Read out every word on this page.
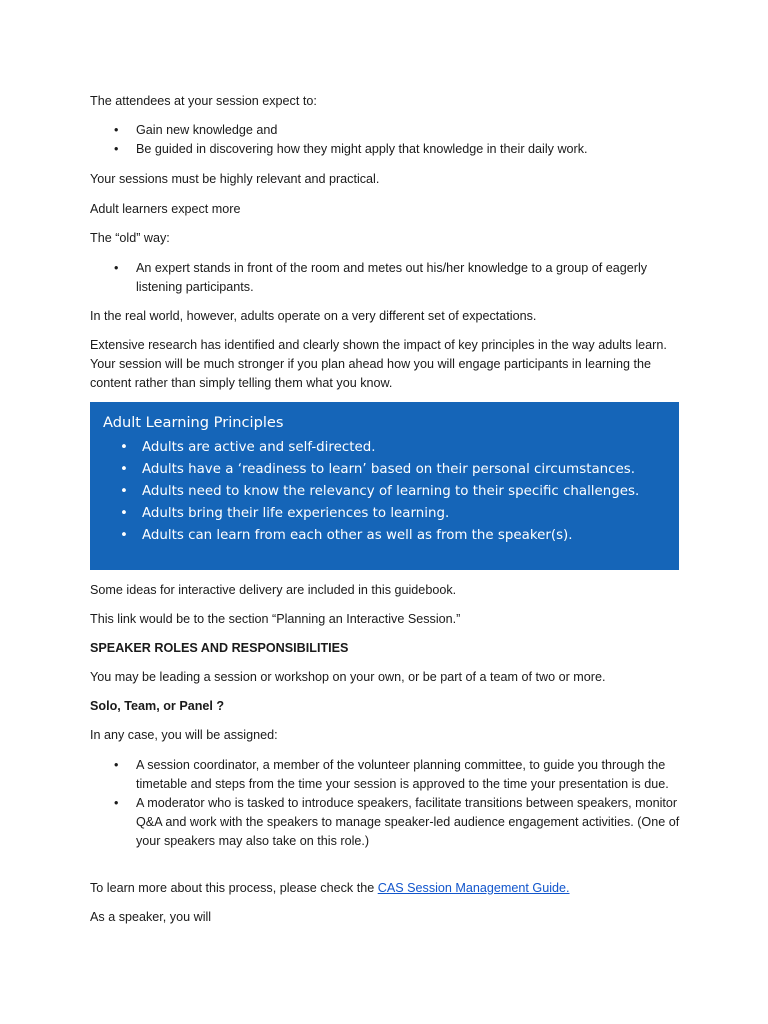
The attendees at your session expect to:

• Gain new knowledge and
• Be guided in discovering how they might apply that knowledge in their daily work.

Your sessions must be highly relevant and practical.

Adult learners expect more

The “old” way:

• An expert stands in front of the room and metes out his/her knowledge to a group of eagerly listening participants.

In the real world, however, adults operate on a very different set of expectations.

Extensive research has identified and clearly shown the impact of key principles in the way adults learn. Your session will be much stronger if you plan ahead how you will engage participants in learning the content rather than simply telling them what you know.

Adult Learning Principles
• Adults are active and self-directed.
• Adults have a ‘readiness to learn’ based on their personal circumstances.
• Adults need to know the relevancy of learning to their specific challenges.
• Adults bring their life experiences to learning.
• Adults can learn from each other as well as from the speaker(s).

Some ideas for interactive delivery are included in this guidebook.

This link would be to the section “Planning an Interactive Session.”

SPEAKER ROLES AND RESPONSIBILITIES

You may be leading a session or workshop on your own, or be part of a team of two or more.

Solo, Team, or Panel ?

In any case, you will be assigned:

• A session coordinator, a member of the volunteer planning committee, to guide you through the timetable and steps from the time your session is approved to the time your presentation is due.
• A moderator who is tasked to introduce speakers, facilitate transitions between speakers, monitor Q&A and work with the speakers to manage speaker-led audience engagement activities. (One of your speakers may also take on this role.)

To learn more about this process, please check the CAS Session Management Guide.

As a speaker, you will
